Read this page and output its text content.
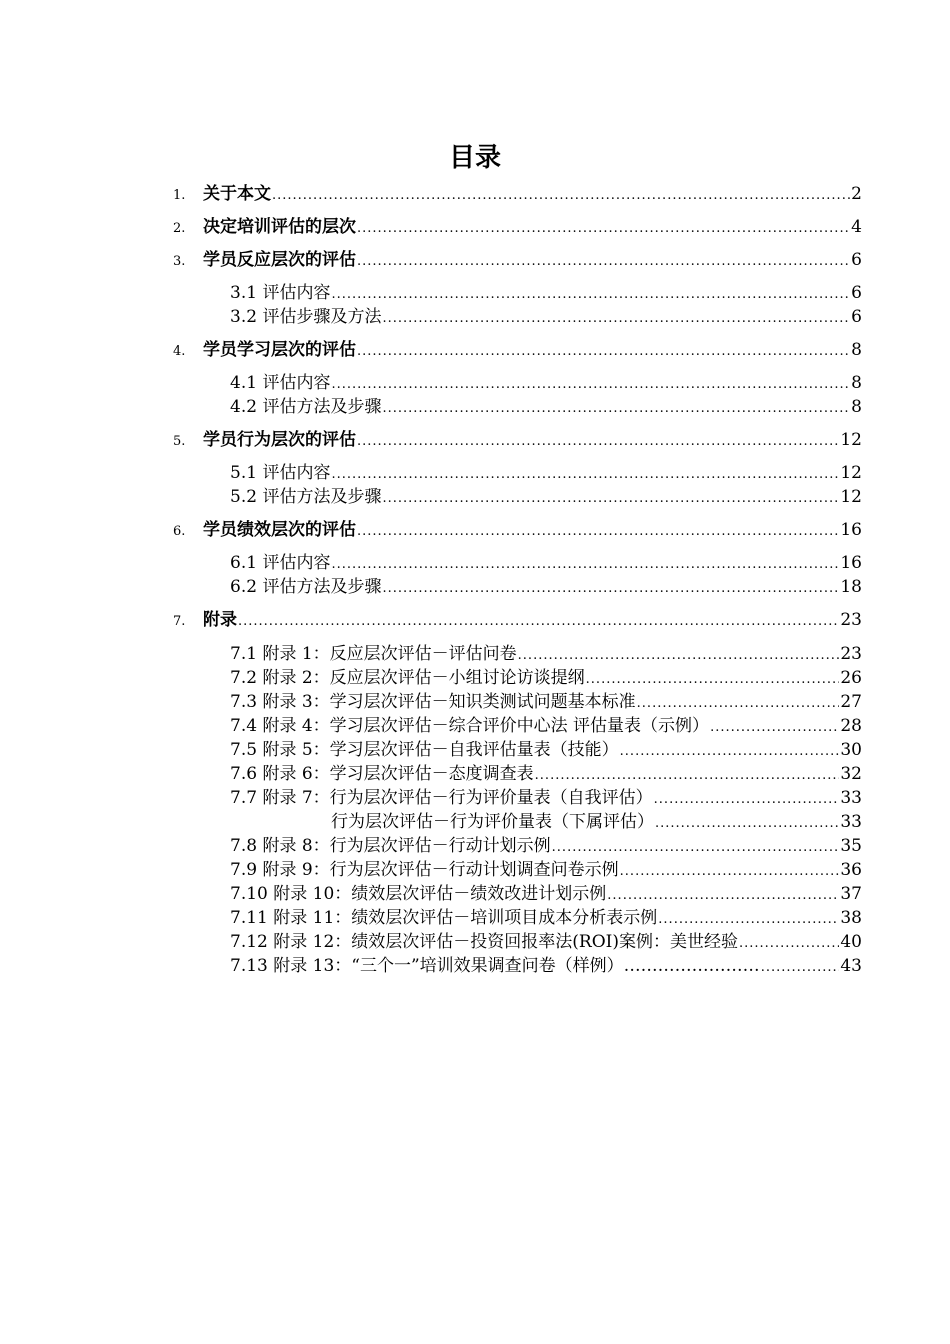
目录
1.	关于本文 .....	2
2.	决定培训评估的层次 .....	4
3.	学员反应层次的评估 .....	6
3.1 评估内容 .....	6
3.2 评估步骤及方法 .....	6
4.	学员学习层次的评估 .....	8
4.1 评估内容 .....	8
4.2 评估方法及步骤 .....	8
5.	学员行为层次的评估 .....	12
5.1 评估内容 .....	12
5.2 评估方法及步骤 .....	12
6.	学员绩效层次的评估 .....	16
6.1 评估内容 .....	16
6.2 评估方法及步骤 .....	18
7.	附录 .....	23
7.1 附录 1：反应层次评估－评估问卷 .....	23
7.2 附录 2：反应层次评估－小组讨论访谈提纲 .....	26
7.3 附录 3：学习层次评估－知识类测试问题基本标准 .....	27
7.4 附录 4：学习层次评估－综合评价中心法 评估量表（示例） .....	28
7.5 附录 5：学习层次评估－自我评估量表（技能） .....	30
7.6 附录 6：学习层次评估－态度调查表 .....	32
7.7 附录 7：行为层次评估－行为评价量表（自我评估） .....	33
行为层次评估－行为评价量表（下属评估） .....	33
7.8 附录 8：行为层次评估－行动计划示例 .....	35
7.9 附录 9：行为层次评估－行动计划调查问卷示例 .....	36
7.10 附录 10：绩效层次评估－绩效改进计划示例 .....	37
7.11 附录 11：绩效层次评估－培训项目成本分析表示例 .....	38
7.12 附录 12：绩效层次评估－投资回报率法(ROI)案例：美世经验 .....	40
7.13 附录 13：“三个一”培训效果调查问卷（样例）…………………… .....	43
